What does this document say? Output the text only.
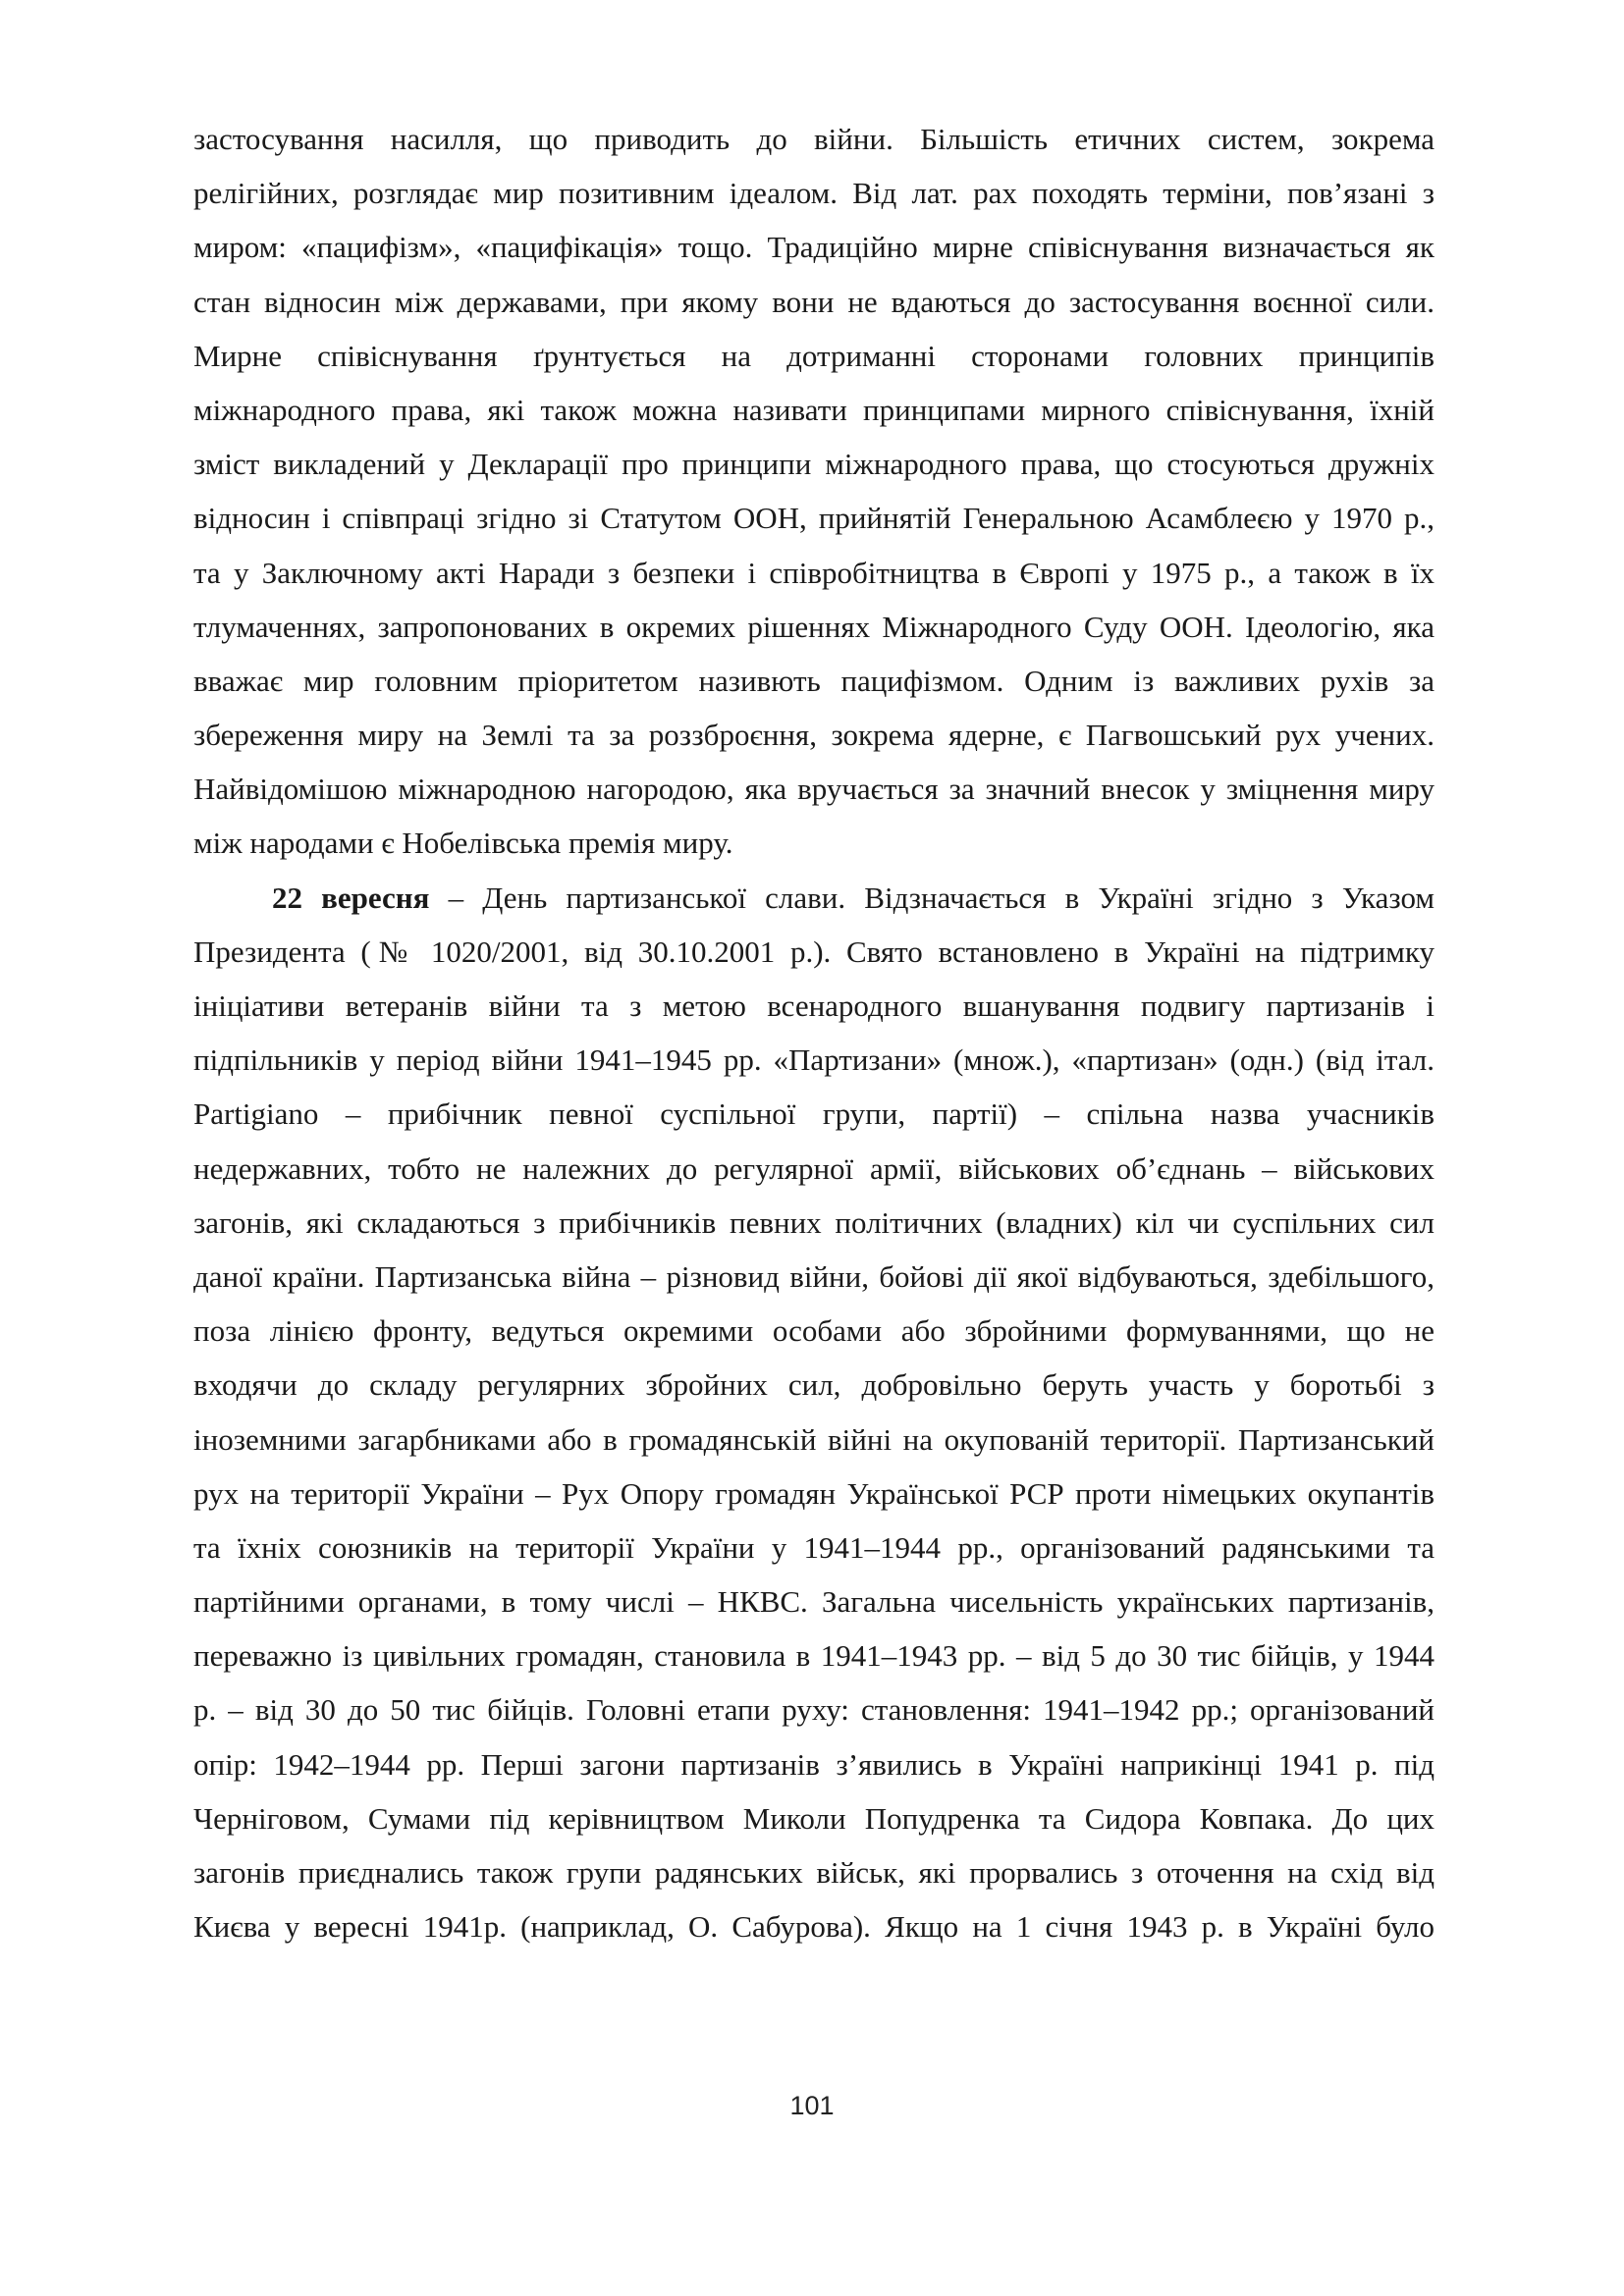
застосування насилля, що приводить до війни. Більшість етичних систем, зокрема
релігійних, розглядає мир позитивним ідеалом. Від лат. pax походять терміни, пов’язані з
миром: «пацифізм», «пацифікація» тощо. Традиційно мирне співіснування визначається як
стан відносин між державами, при якому вони не вдаються до застосування воєнної сили.
Мирне співіснування ґрунтується на дотриманні сторонами головних принципів
міжнародного права, які також можна називати принципами мирного співіснування, їхній
зміст викладений у Декларації про принципи міжнародного права, що стосуються дружніх
відносин і співпраці згідно зі Статутом ООН, прийнятій Генеральною Асамблеєю у 1970 р.,
та у Заключному акті Наради з безпеки і співробітництва в Європі у 1975 р., а також в їх
тлумаченнях, запропонованих в окремих рішеннях Міжнародного Суду ООН. Ідеологію, яка
вважає мир головним пріоритетом називють пацифізмом. Одним із важливих рухів за
збереження миру на Землі та за роззброєння, зокрема ядерне, є Пагвошський рух учених.
Найвідомішою міжнародною нагородою, яка вручається за значний внесок у зміцнення миру
між народами є Нобелівська премія миру.
22 вересня – День партизанської слави. Відзначається в Україні згідно з Указом
Президента (№ 1020/2001, від 30.10.2001 р.). Свято встановлено в Україні на підтримку
ініціативи ветеранів війни та з метою всенародного вшанування подвигу партизанів і
підпільників у період війни 1941–1945 рр. «Партизани» (множ.), «партизан» (одн.) (від італ.
Partigiano – прибічник певної суспільної групи, партії) – спільна назва учасників
недержавних, тобто не належних до регулярної армії, військових об’єднань – військових
загонів, які складаються з прибічників певних політичних (владних) кіл чи суспільних сил
даної країни. Партизанська війна – різновид війни, бойові дії якої відбуваються, здебільшого,
поза лінією фронту, ведуться окремими особами або збройними формуваннями, що не
входячи до складу регулярних збройних сил, добровільно беруть участь у боротьбі з
іноземними загарбниками або в громадянській війні на окупованій території. Партизанський
рух на території України – Рух Опору громадян Української РСР проти німецьких окупантів
та їхніх союзників на території України у 1941–1944 рр., організований радянськими та
партійними органами, в тому числі – НКВС. Загальна чисельність українських партизанів,
переважно із цивільних громадян, становила в 1941–1943 рр. – від 5 до 30 тис бійців, у 1944
р. – від 30 до 50 тис бійців. Головні етапи руху: становлення: 1941–1942 рр.; організований
опір: 1942–1944 рр. Перші загони партизанів з’явились в Україні наприкінці 1941 р. під
Черніговом, Сумами під керівництвом Миколи Попудренка та Сидора Ковпака. До цих
загонів приєднались також групи радянських військ, які прорвались з оточення на схід від
Києва у вересні 1941р. (наприклад, О. Сабурова). Якщо на 1 січня 1943 р. в Україні було
101
